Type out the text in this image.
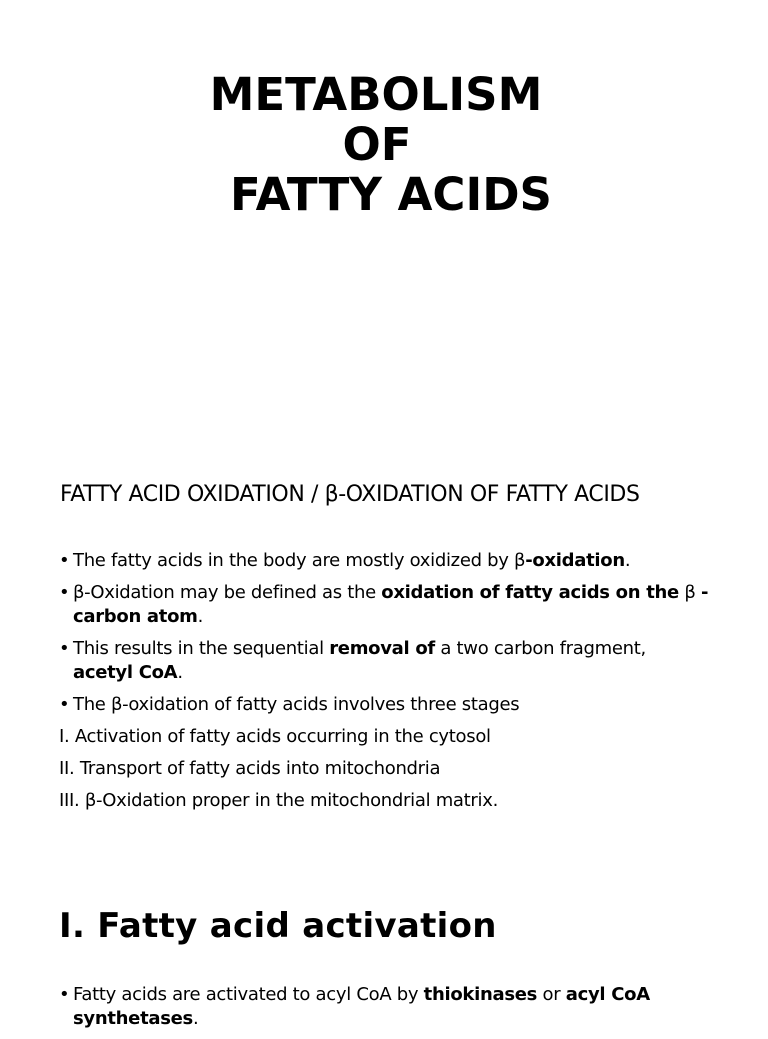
METABOLISM
OF
FATTY ACIDS
FATTY ACID OXIDATION / β-OXIDATION OF FATTY ACIDS
• The fatty acids in the body are mostly oxidized by β-oxidation.
• β-Oxidation may be defined as the oxidation of fatty acids on the β -
carbon atom.
• This results in the sequential removal of a two carbon fragment,
acetyl CoA.
• The β-oxidation of fatty acids involves three stages
I. Activation of fatty acids occurring in the cytosol
II. Transport of fatty acids into mitochondria
III. β-Oxidation proper in the mitochondrial matrix.
I. Fatty acid activation
• Fatty acids are activated to acyl CoA by thiokinases or acyl CoA
synthetases.
